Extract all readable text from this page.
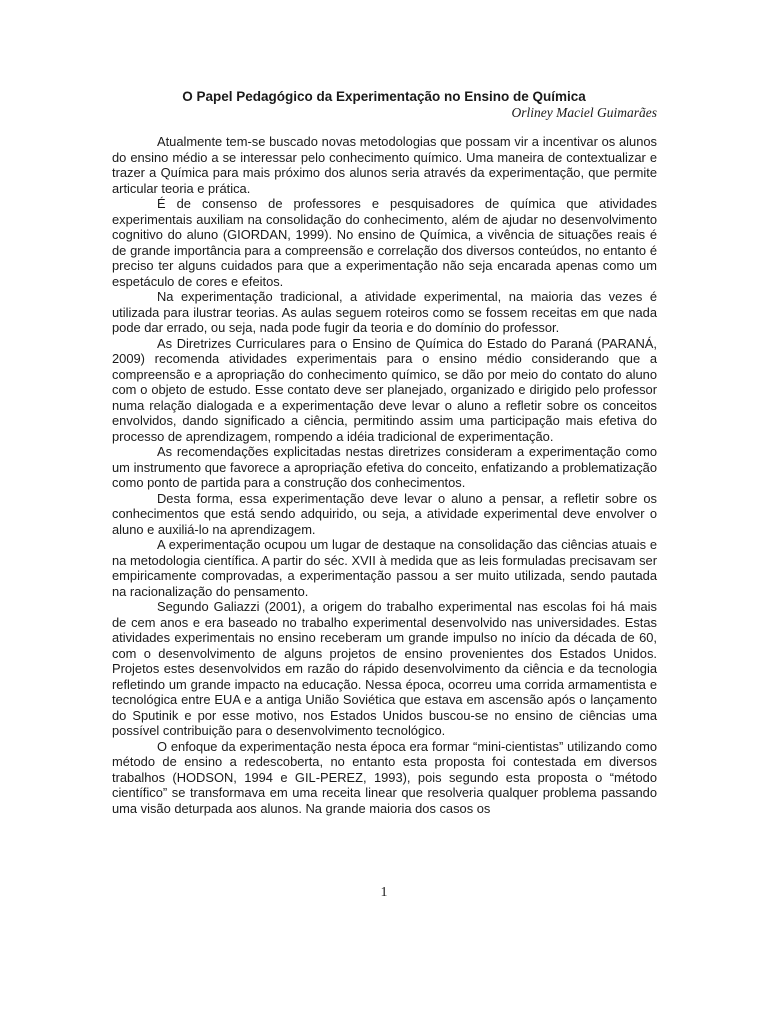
O Papel Pedagógico da Experimentação no Ensino de Química
Orliney Maciel Guimarães

Atualmente tem-se buscado novas metodologias que possam vir a incentivar os alunos do ensino médio a se interessar pelo conhecimento químico. Uma maneira de contextualizar e trazer a Química para mais próximo dos alunos seria através da experimentação, que permite articular teoria e prática.

É de consenso de professores e pesquisadores de química que atividades experimentais auxiliam na consolidação do conhecimento, além de ajudar no desenvolvimento cognitivo do aluno (GIORDAN, 1999). No ensino de Química, a vivência de situações reais é de grande importância para a compreensão e correlação dos diversos conteúdos, no entanto é preciso ter alguns cuidados para que a experimentação não seja encarada apenas como um espetáculo de cores e efeitos.

Na experimentação tradicional, a atividade experimental, na maioria das vezes é utilizada para ilustrar teorias. As aulas seguem roteiros como se fossem receitas em que nada pode dar errado, ou seja, nada pode fugir da teoria e do domínio do professor.

As Diretrizes Curriculares para o Ensino de Química do Estado do Paraná (PARANÁ, 2009) recomenda atividades experimentais para o ensino médio considerando que a compreensão e a apropriação do conhecimento químico, se dão por meio do contato do aluno com o objeto de estudo. Esse contato deve ser planejado, organizado e dirigido pelo professor numa relação dialogada e a experimentação deve levar o aluno a refletir sobre os conceitos envolvidos, dando significado a ciência, permitindo assim uma participação mais efetiva do processo de aprendizagem, rompendo a idéia tradicional de experimentação.

As recomendações explicitadas nestas diretrizes consideram a experimentação como um instrumento que favorece a apropriação efetiva do conceito, enfatizando a problematização como ponto de partida para a construção dos conhecimentos.

Desta forma, essa experimentação deve levar o aluno a pensar, a refletir sobre os conhecimentos que está sendo adquirido, ou seja, a atividade experimental deve envolver o aluno e auxiliá-lo na aprendizagem.

A experimentação ocupou um lugar de destaque na consolidação das ciências atuais e na metodologia científica. A partir do séc. XVII à medida que as leis formuladas precisavam ser empiricamente comprovadas, a experimentação passou a ser muito utilizada, sendo pautada na racionalização do pensamento.

Segundo Galiazzi (2001), a origem do trabalho experimental nas escolas foi há mais de cem anos e era baseado no trabalho experimental desenvolvido nas universidades. Estas atividades experimentais no ensino receberam um grande impulso no início da década de 60, com o desenvolvimento de alguns projetos de ensino provenientes dos Estados Unidos. Projetos estes desenvolvidos em razão do rápido desenvolvimento da ciência e da tecnologia refletindo um grande impacto na educação. Nessa época, ocorreu uma corrida armamentista e tecnológica entre EUA e a antiga União Soviética que estava em ascensão após o lançamento do Sputinik e por esse motivo, nos Estados Unidos buscou-se no ensino de ciências uma possível contribuição para o desenvolvimento tecnológico.

O enfoque da experimentação nesta época era formar “mini-cientistas” utilizando como método de ensino a redescoberta, no entanto esta proposta foi contestada em diversos trabalhos (HODSON, 1994 e GIL-PEREZ, 1993), pois segundo esta proposta o “método científico” se transformava em uma receita linear que resolveria qualquer problema passando uma visão deturpada aos alunos. Na grande maioria dos casos os

1
